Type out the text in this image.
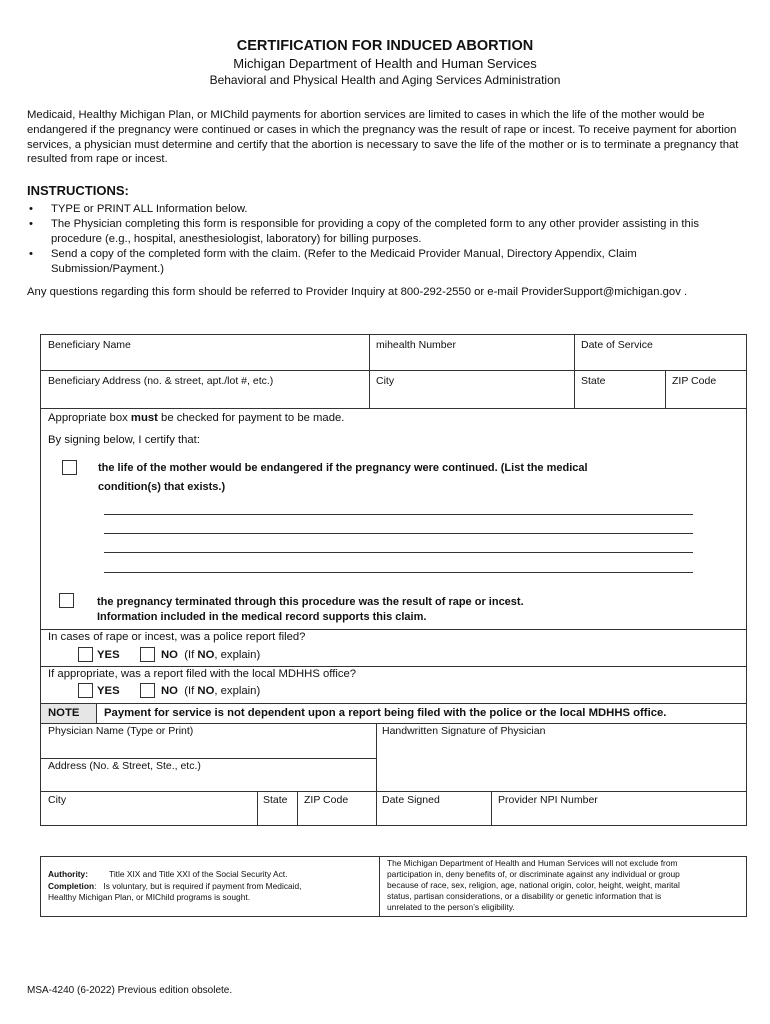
CERTIFICATION FOR INDUCED ABORTION
Michigan Department of Health and Human Services
Behavioral and Physical Health and Aging Services Administration
Medicaid, Healthy Michigan Plan, or MIChild payments for abortion services are limited to cases in which the life of the mother would be endangered if the pregnancy were continued or cases in which the pregnancy was the result of rape or incest. To receive payment for abortion services, a physician must determine and certify that the abortion is necessary to save the life of the mother or is to terminate a pregnancy that resulted from rape or incest.
INSTRUCTIONS:
• TYPE or PRINT ALL Information below.
• The Physician completing this form is responsible for providing a copy of the completed form to any other provider assisting in this procedure (e.g., hospital, anesthesiologist, laboratory) for billing purposes.
• Send a copy of the completed form with the claim. (Refer to the Medicaid Provider Manual, Directory Appendix, Claim Submission/Payment.)
Any questions regarding this form should be referred to Provider Inquiry at 800-292-2550 or e-mail ProviderSupport@michigan.gov .
Beneficiary Name	mihealth Number	Date of Service
Beneficiary Address (no. & street, apt./lot #, etc.)	City	State	ZIP Code
Appropriate box must be checked for payment to be made.
By signing below, I certify that:
the life of the mother would be endangered if the pregnancy were continued. (List the medical
condition(s) that exists.)
the pregnancy terminated through this procedure was the result of rape or incest.
Information included in the medical record supports this claim.
In cases of rape or incest, was a police report filed?
YES	NO (If NO, explain)
If appropriate, was a report filed with the local MDHHS office?
YES	NO (If NO, explain)
NOTE Payment for service is not dependent upon a report being filed with the police or the local MDHHS office.
Physician Name (Type or Print)	Handwritten Signature of Physician
Address (No. & Street, Ste., etc.)
City	State ZIP Code	Date Signed	Provider NPI Number
Authority:	Title XIX and Title XXI of the Social Security Act.
Completion:   Is voluntary, but is required if payment from Medicaid,
Healthy Michigan Plan, or MIChild programs is sought.
The Michigan Department of Health and Human Services will not exclude from
participation in, deny benefits of, or discriminate against any individual or group
because of race, sex, religion, age, national origin, color, height, weight, marital
status, partisan considerations, or a disability or genetic information that is
unrelated to the person’s eligibility.
MSA-4240 (6-2022) Previous edition obsolete.
